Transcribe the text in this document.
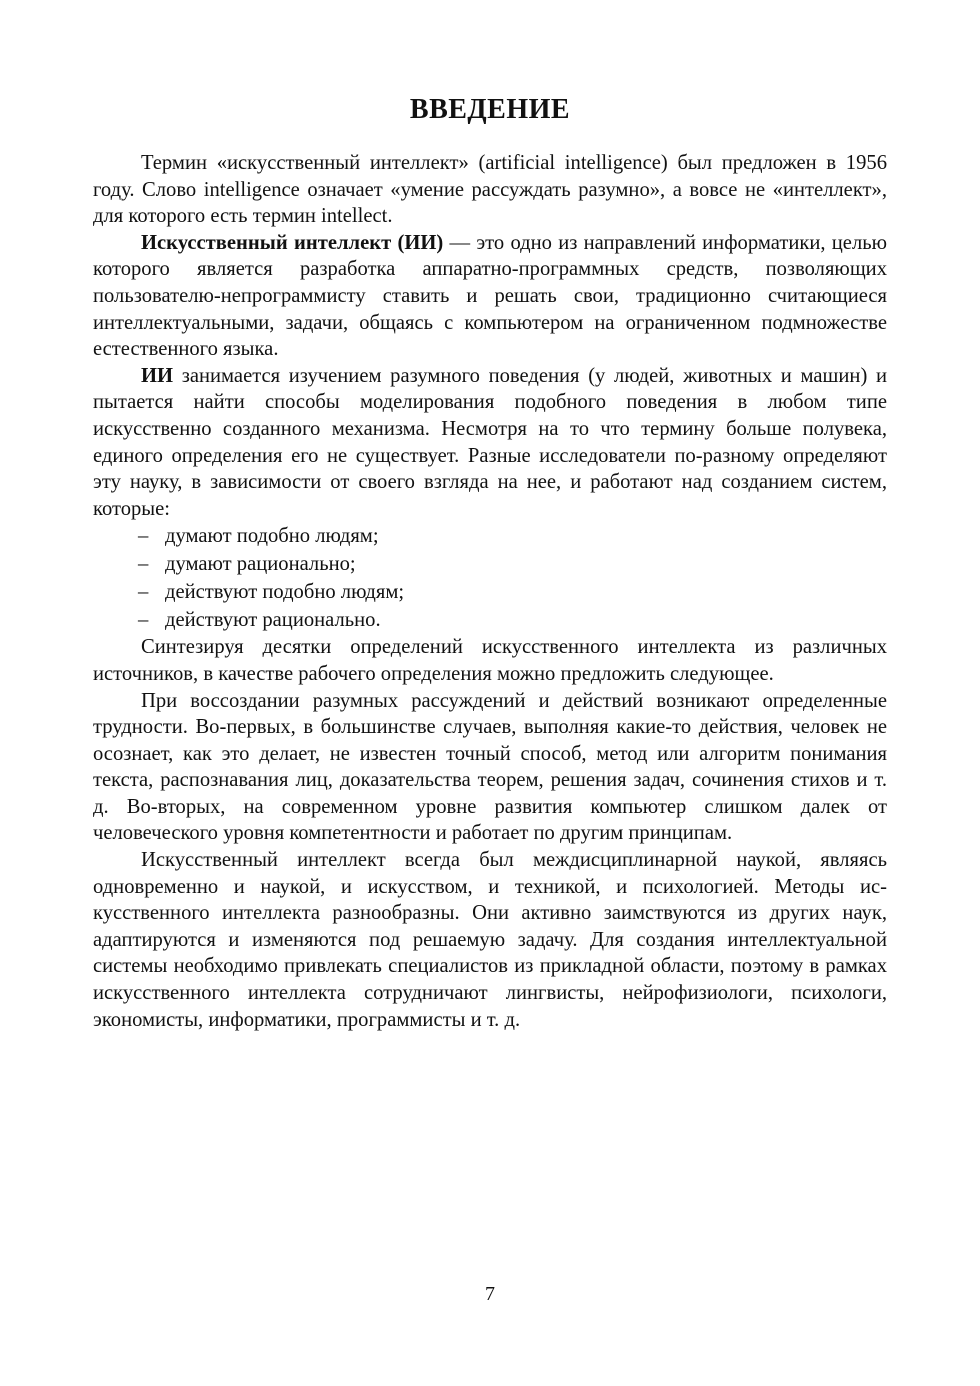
ВВЕДЕНИЕ

Термин «искусственный интеллект» (artificial intelligence) был предложен в 1956 году. Слово intelligence означает «умение рассуждать разумно», а вовсе не «интеллект», для которого есть термин intellect.

Искусственный интеллект (ИИ) — это одно из направлений информатики, целью которого является разработка аппаратно-программных средств, позволяющих пользователю-непрограммисту ставить и решать свои, традиционно считающиеся интеллектуальными, задачи, общаясь с компьютером на ограниченном подмножестве естественного языка.

ИИ занимается изучением разумного поведения (у людей, животных и машин) и пытается найти способы моделирования подобного поведения в любом типе искусственно созданного механизма. Несмотря на то что термину больше полувека, единого определения его не существует. Разные исследователи по-разному определяют эту науку, в зависимости от своего взгляда на нее, и работают над созданием систем, которые:

– думают подобно людям;
– думают рационально;
– действуют подобно людям;
– действуют рационально.

Синтезируя десятки определений искусственного интеллекта из различных источников, в качестве рабочего определения можно предложить следующее.

При воссоздании разумных рассуждений и действий возникают определенные трудности. Во-первых, в большинстве случаев, выполняя какие-то действия, человек не осознает, как это делает, не известен точный способ, метод или алгоритм понимания текста, распознавания лиц, доказательства теорем, решения задач, сочинения стихов и т. д. Во-вторых, на современном уровне развития компьютер слишком далек от человеческого уровня компетентности и работает по другим принципам.

Искусственный интеллект всегда был междисциплинарной наукой, являясь одновременно и наукой, и искусством, и техникой, и психологией. Методы искусственного интеллекта разнообразны. Они активно заимствуются из других наук, адаптируются и изменяются под решаемую задачу. Для создания интеллектуальной системы необходимо привлекать специалистов из прикладной области, поэтому в рамках искусственного интеллекта сотрудничают лингвисты, нейрофизиологи, психологи, экономисты, информатики, программисты и т. д.

7
